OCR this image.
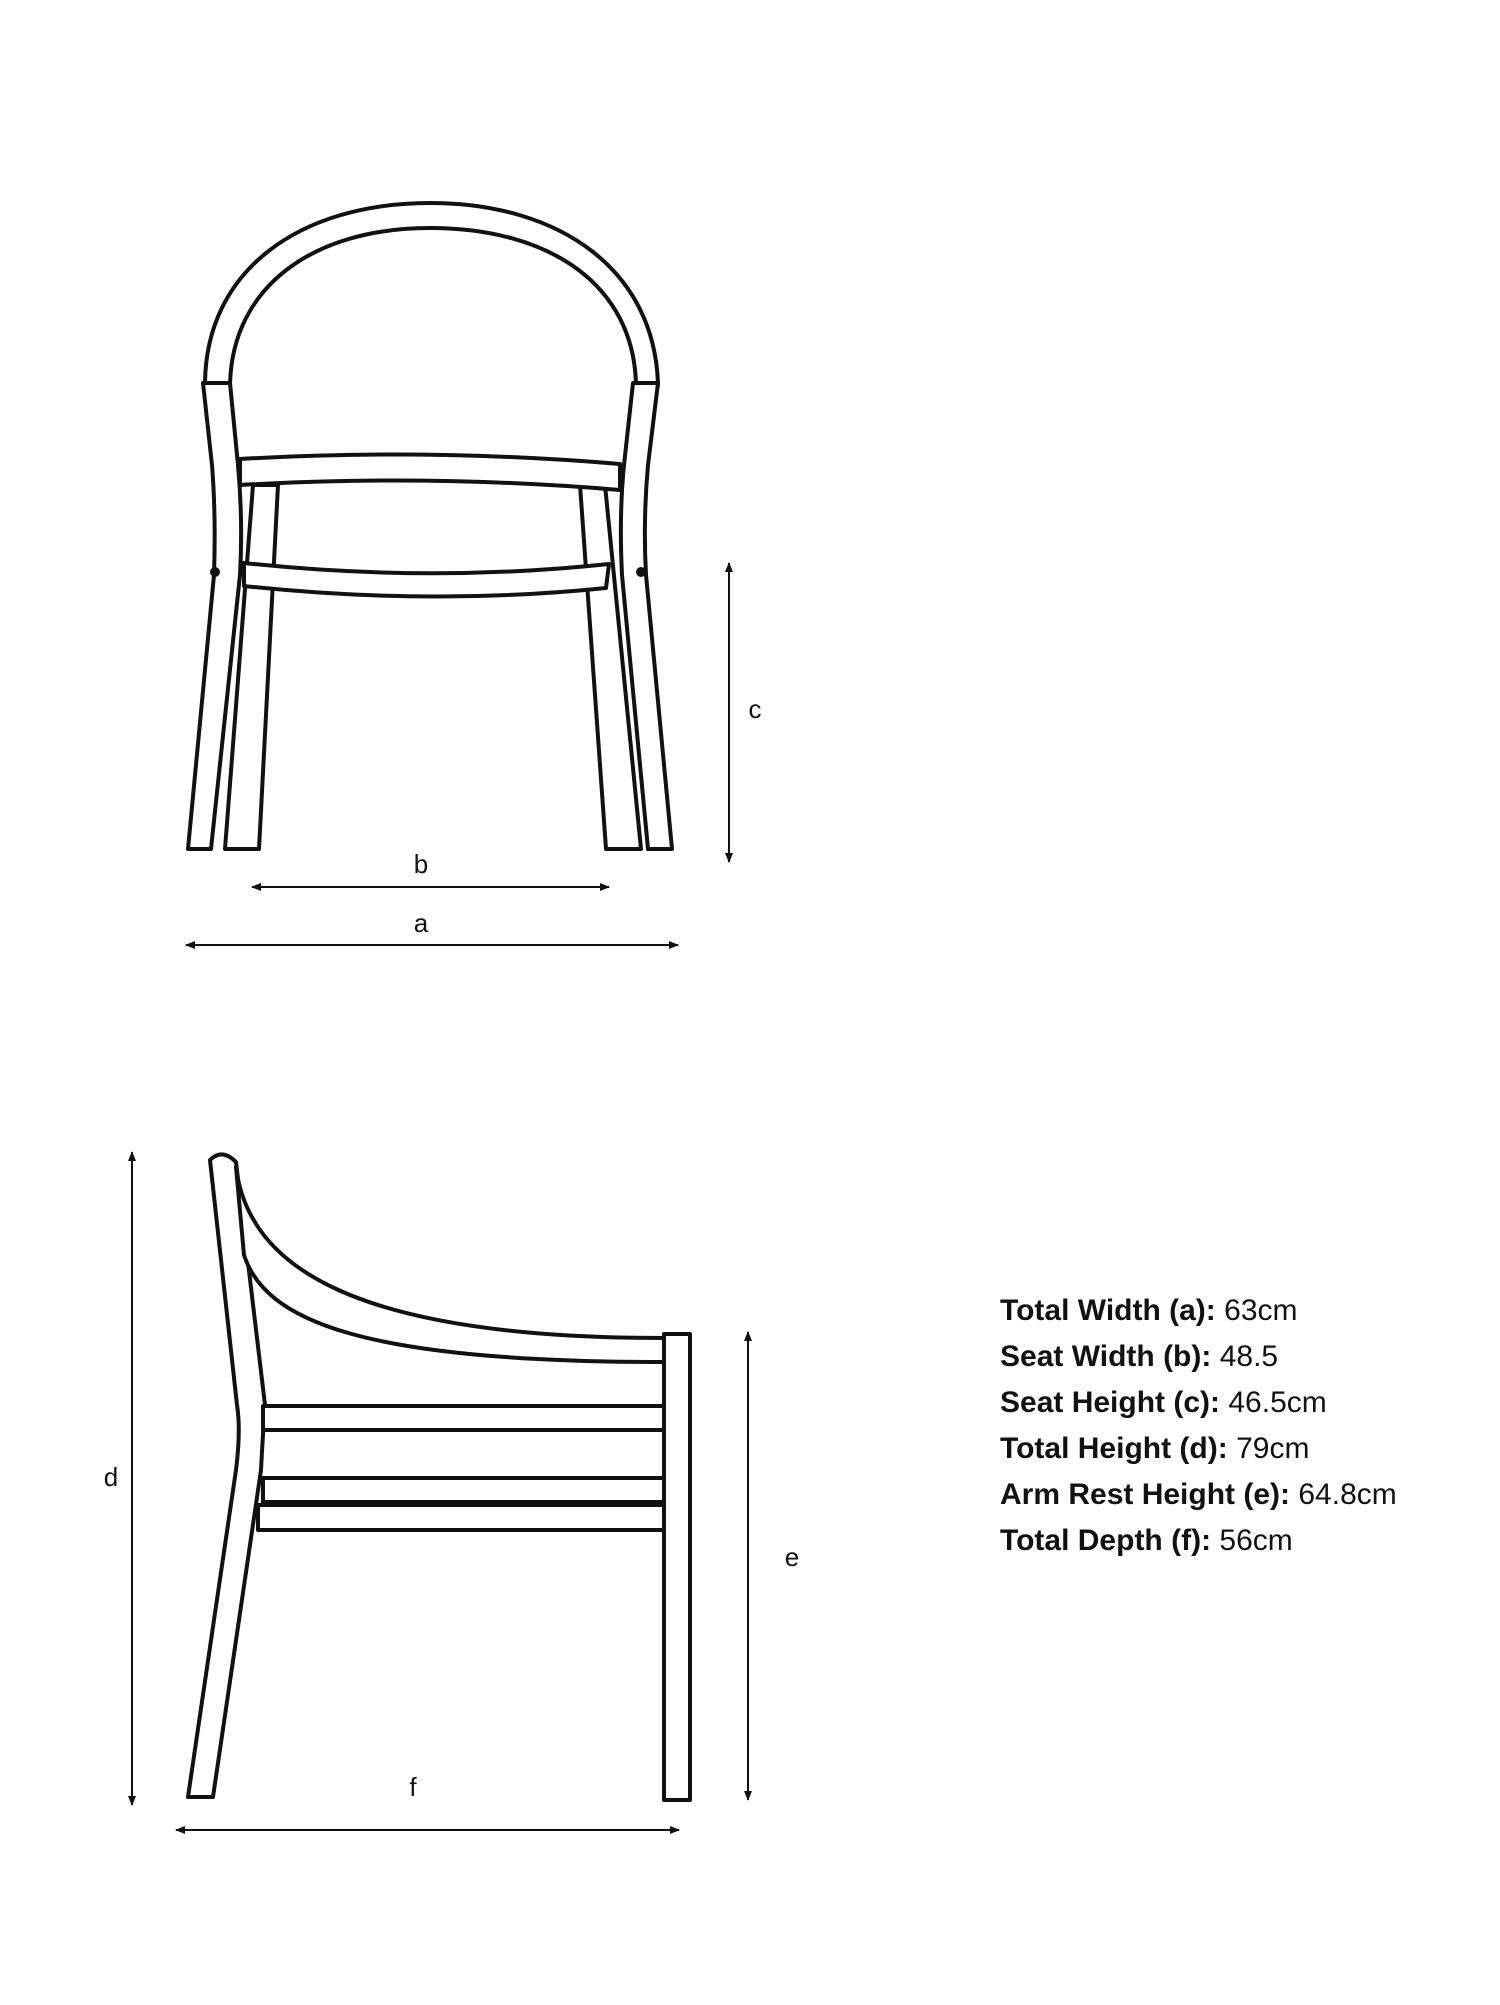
b
a
c
d
e
f
Total Width (a): 63cm
Seat Width (b): 48.5
Seat Height (c): 46.5cm
Total Height (d): 79cm
Arm Rest Height (e): 64.8cm
Total Depth (f): 56cm
